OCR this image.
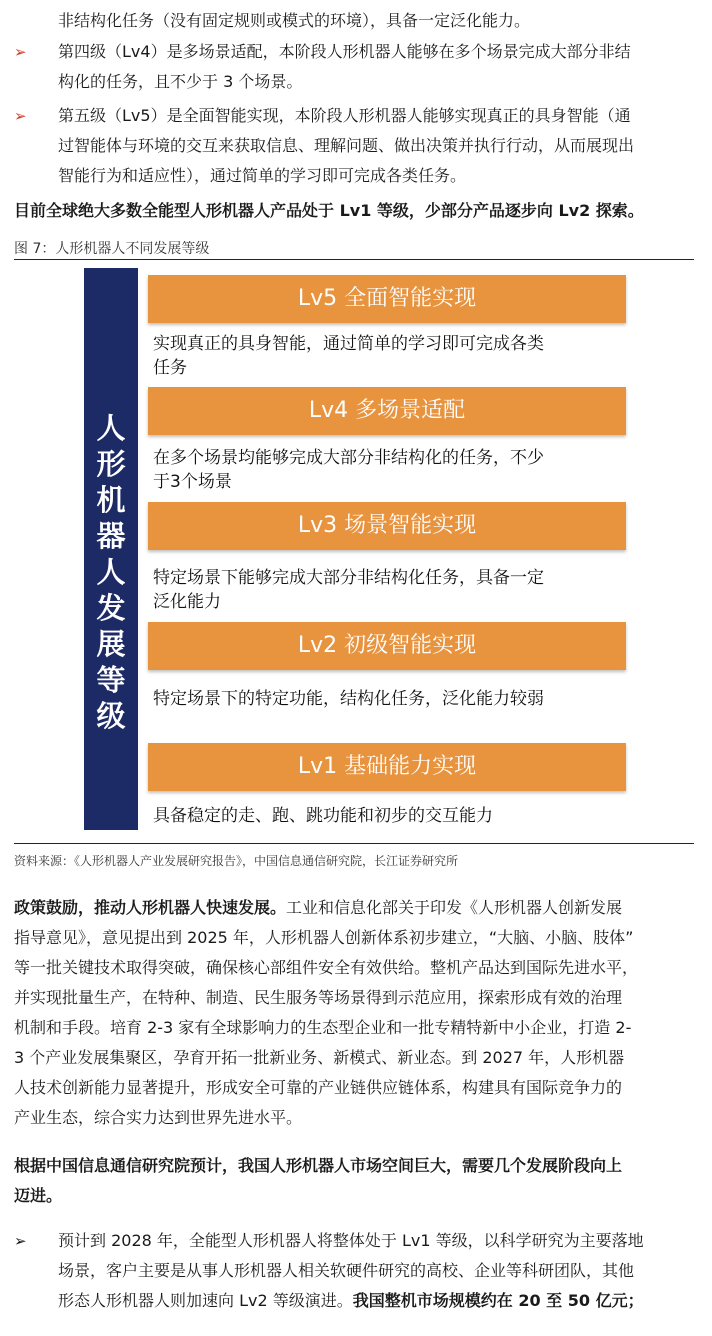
非结构化任务（没有固定规则或模式的环境），具备一定泛化能力。

➢	第四级（Lv4）是多场景适配，本阶段人形机器人能够在多个场景完成大部分非结
构化的任务，且不少于 3 个场景。
➢	第五级（Lv5）是全面智能实现，本阶段人形机器人能够实现真正的具身智能（通
过智能体与环境的交互来获取信息、理解问题、做出决策并执行行动，从而展现出
智能行为和适应性），通过简单的学习即可完成各类任务。

目前全球绝大多数全能型人形机器人产品处于 Lv1 等级，少部分产品逐步向 Lv2 探索。

图 7：人形机器人不同发展等级
人
形
机
器
人
发
展
等
级
Lv5 全面智能实现
实现真正的具身智能，通过简单的学习即可完成各类
任务
Lv4 多场景适配
在多个场景均能够完成大部分非结构化的任务，不少
于3个场景
Lv3 场景智能实现
特定场景下能够完成大部分非结构化任务，具备一定
泛化能力
Lv2 初级智能实现
特定场景下的特定功能，结构化任务，泛化能力较弱
Lv1 基础能力实现
具备稳定的走、跑、跳功能和初步的交互能力
资料来源：《人形机器人产业发展研究报告》，中国信息通信研究院，长江证券研究所
政策鼓励，推动人形机器人快速发展。工业和信息化部关于印发《人形机器人创新发展
指导意见》，意见提出到 2025 年，人形机器人创新体系初步建立，“大脑、小脑、肢体”
等一批关键技术取得突破，确保核心部组件安全有效供给。整机产品达到国际先进水平，
并实现批量生产，在特种、制造、民生服务等场景得到示范应用，探索形成有效的治理
机制和手段。培育 2-3 家有全球影响力的生态型企业和一批专精特新中小企业，打造 2-
3 个产业发展集聚区，孕育开拓一批新业务、新模式、新业态。到 2027 年，人形机器
人技术创新能力显著提升，形成安全可靠的产业链供应链体系，构建具有国际竞争力的
产业生态，综合实力达到世界先进水平。
根据中国信息通信研究院预计，我国人形机器人市场空间巨大，需要几个发展阶段向上
迈进。
➢	预计到 2028 年，全能型人形机器人将整体处于 Lv1 等级，以科学研究为主要落地
场景，客户主要是从事人形机器人相关软硬件研究的高校、企业等科研团队，其他
形态人形机器人则加速向 Lv2 等级演进。我国整机市场规模约在 20 至 50 亿元；
